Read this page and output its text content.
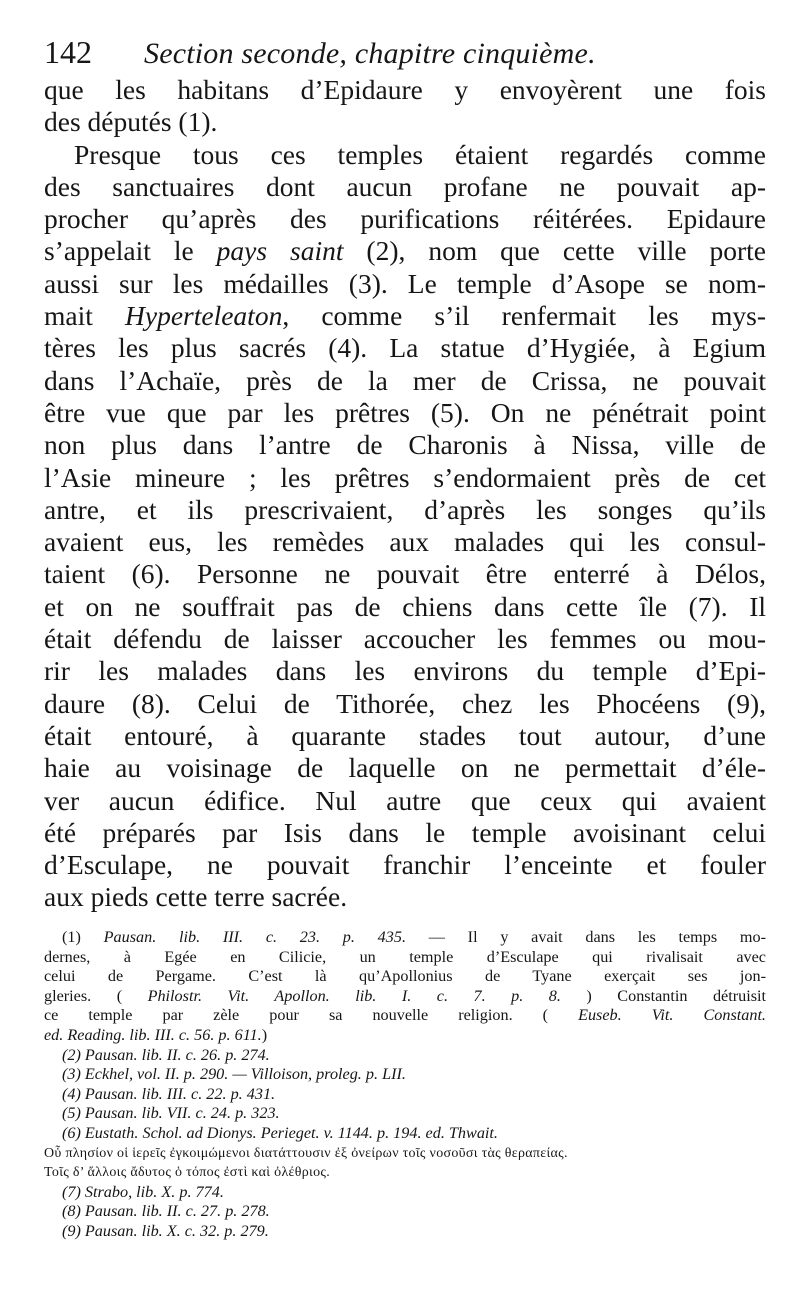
142	Section seconde, chapitre cinquième.
que les habitans d’Epidaure y envoyèrent une fois
des députés (1).
Presque tous ces temples étaient regardés comme
des sanctuaires dont aucun profane ne pouvait ap-
procher qu’après des purifications réitérées. Epidaure
s’appelait le pays saint (2), nom que cette ville porte
aussi sur les médailles (3). Le temple d’Asope se nom-
mait Hyperteleaton, comme s’il renfermait les mys-
tères les plus sacrés (4). La statue d’Hygiée, à Egium
dans l’Achaïe, près de la mer de Crissa, ne pouvait
être vue que par les prêtres (5). On ne pénétrait point
non plus dans l’antre de Charonis à Nissa, ville de
l’Asie mineure ; les prêtres s’endormaient près de cet
antre, et ils prescrivaient, d’après les songes qu’ils
avaient eus, les remèdes aux malades qui les consul-
taient (6). Personne ne pouvait être enterré à Délos,
et on ne souffrait pas de chiens dans cette île (7). Il
était défendu de laisser accoucher les femmes ou mou-
rir les malades dans les environs du temple d’Epi-
daure (8). Celui de Tithorée, chez les Phocéens (9),
était entouré, à quarante stades tout autour, d’une
haie au voisinage de laquelle on ne permettait d’éle-
ver aucun édifice. Nul autre que ceux qui avaient
été préparés par Isis dans le temple avoisinant celui
d’Esculape, ne pouvait franchir l’enceinte et fouler
aux pieds cette terre sacrée.
(1) Pausan. lib. III. c. 23. p. 435. — Il y avait dans les temps mo-
dernes, à Egée en Cilicie, un temple d’Esculape qui rivalisait avec
celui de Pergame. C’est là qu’Apollonius de Tyane exerçait ses jon-
gleries. ( Philostr. Vit. Apollon. lib. I. c. 7. p. 8. ) Constantin détruisit
ce temple par zèle pour sa nouvelle religion. ( Euseb. Vit. Constant.
ed. Reading. lib. III. c. 56. p. 611.)
(2) Pausan. lib. II. c. 26. p. 274.
(3) Eckhel, vol. II. p. 290. — Villoison, proleg. p. LII.
(4) Pausan. lib. III. c. 22. p. 431.
(5) Pausan. lib. VII. c. 24. p. 323.
(6) Eustath. Schol. ad Dionys. Perieget. v. 1144. p. 194. ed. Thwait.
Οὗ πλησίον οἱ ἱερεῖς ἐγκοιμώμενοι διατάττουσιν ἐξ ὀνείρων τοῖς νοσοῦσι τὰς θεραπείας.
Τοῖς δ’ ἄλλοις ἄδυτος ὁ τόπος ἐστὶ καὶ ὀλέθριος.
(7) Strabo, lib. X. p. 774.
(8) Pausan. lib. II. c. 27. p. 278.
(9) Pausan. lib. X. c. 32. p. 279.
